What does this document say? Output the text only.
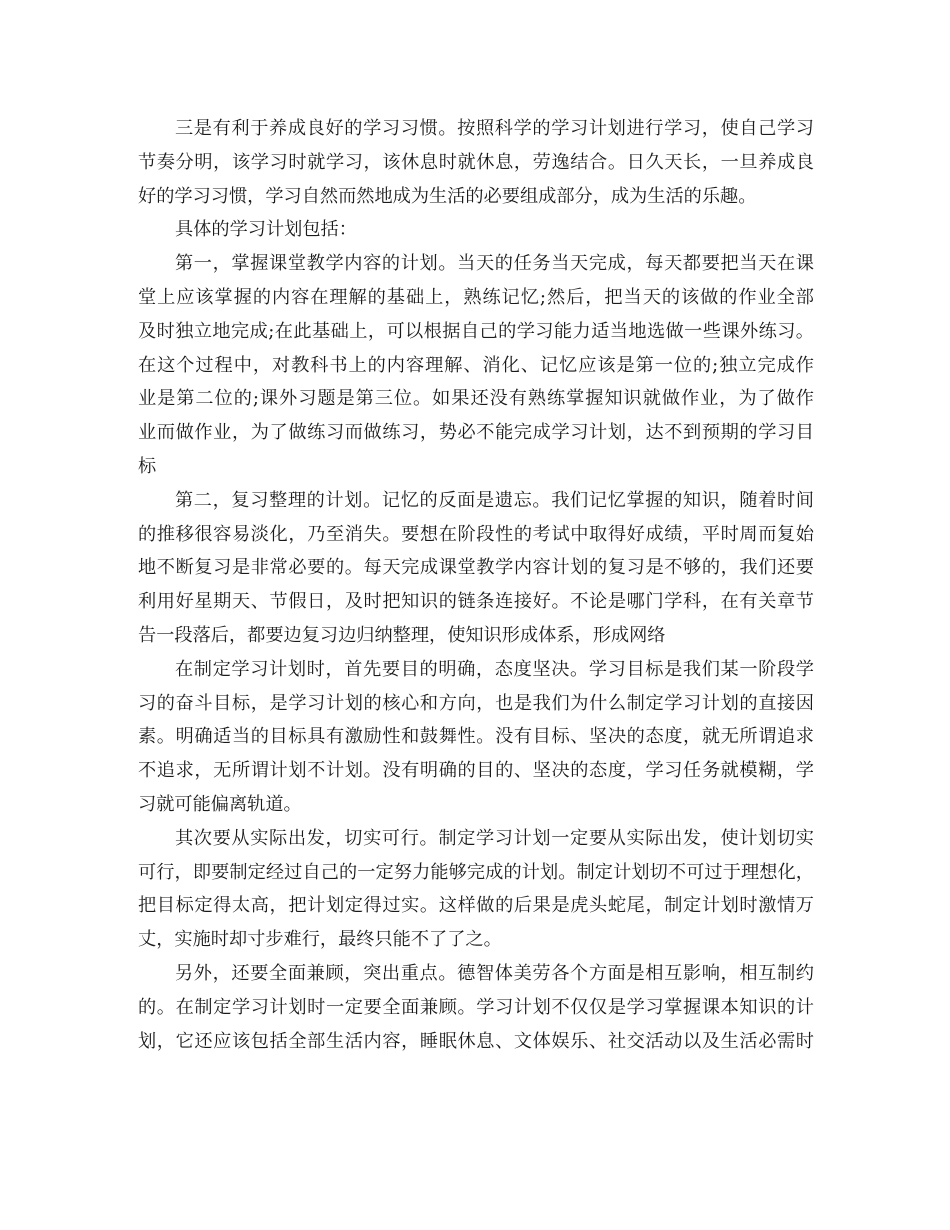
三是有利于养成良好的学习习惯。按照科学的学习计划进行学习，使自己学习
节奏分明，该学习时就学习，该休息时就休息，劳逸结合。日久天长，一旦养成良
好的学习习惯，学习自然而然地成为生活的必要组成部分，成为生活的乐趣。
具体的学习计划包括：
第一，掌握课堂教学内容的计划。当天的任务当天完成，每天都要把当天在课
堂上应该掌握的内容在理解的基础上，熟练记忆;然后，把当天的该做的作业全部
及时独立地完成;在此基础上，可以根据自己的学习能力适当地选做一些课外练习。
在这个过程中，对教科书上的内容理解、消化、记忆应该是第一位的;独立完成作
业是第二位的;课外习题是第三位。如果还没有熟练掌握知识就做作业，为了做作
业而做作业，为了做练习而做练习，势必不能完成学习计划，达不到预期的学习目
标
第二，复习整理的计划。记忆的反面是遗忘。我们记忆掌握的知识，随着时间
的推移很容易淡化，乃至消失。要想在阶段性的考试中取得好成绩，平时周而复始
地不断复习是非常必要的。每天完成课堂教学内容计划的复习是不够的，我们还要
利用好星期天、节假日，及时把知识的链条连接好。不论是哪门学科，在有关章节
告一段落后，都要边复习边归纳整理，使知识形成体系，形成网络
在制定学习计划时，首先要目的明确，态度坚决。学习目标是我们某一阶段学
习的奋斗目标，是学习计划的核心和方向，也是我们为什么制定学习计划的直接因
素。明确适当的目标具有激励性和鼓舞性。没有目标、坚决的态度，就无所谓追求
不追求，无所谓计划不计划。没有明确的目的、坚决的态度，学习任务就模糊，学
习就可能偏离轨道。
其次要从实际出发，切实可行。制定学习计划一定要从实际出发，使计划切实
可行，即要制定经过自己的一定努力能够完成的计划。制定计划切不可过于理想化，
把目标定得太高，把计划定得过实。这样做的后果是虎头蛇尾，制定计划时激情万
丈，实施时却寸步难行，最终只能不了了之。
另外，还要全面兼顾，突出重点。德智体美劳各个方面是相互影响，相互制约
的。在制定学习计划时一定要全面兼顾。学习计划不仅仅是学习掌握课本知识的计
划，它还应该包括全部生活内容，睡眠休息、文体娱乐、社交活动以及生活必需时
